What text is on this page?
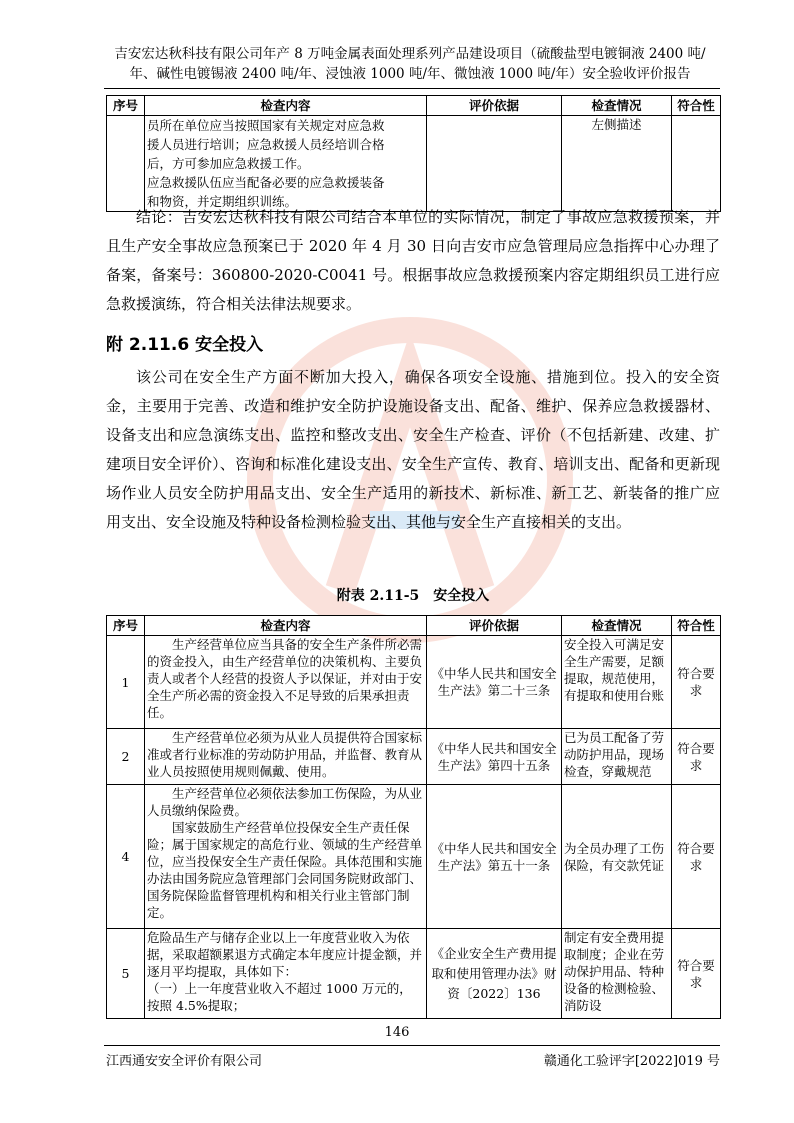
吉安宏达秋科技有限公司年产 8 万吨金属表面处理系列产品建设项目（硫酸盐型电镀铜液 2400 吨/
年、碱性电镀锡液 2400 吨/年、浸蚀液 1000 吨/年、微蚀液 1000 吨/年）安全验收评价报告
序号	检查内容	评价依据	检查情况	符合性

	员所在单位应当按照国家有关规定对应急救
援人员进行培训；应急救援人员经培训合格
后，方可参加应急救援工作。
应急救援队伍应当配备必要的应急救援装备
和物资，并定期组织训练。		左侧描述	
结论：吉安宏达秋科技有限公司结合本单位的实际情况，制定了事故应急救援预案，并且生产安全事故应急预案已于 2020 年 4 月 30 日向吉安市应急管理局应急指挥中心办理了备案，备案号：360800-2020-C0041 号。根据事故应急救援预案内容定期组织员工进行应急救援演练，符合相关法律法规要求。
附 2.11.6 安全投入
该公司在安全生产方面不断加大投入，确保各项安全设施、措施到位。投入的安全资金，主要用于完善、改造和维护安全防护设施设备支出、配备、维护、保养应急救援器材、设备支出和应急演练支出、监控和整改支出、安全生产检查、评价（不包括新建、改建、扩建项目安全评价）、咨询和标准化建设支出、安全生产宣传、教育、培训支出、配备和更新现场作业人员安全防护用品支出、安全生产适用的新技术、新标准、新工艺、新装备的推广应用支出、安全设施及特种设备检测检验支出、其他与安全生产直接相关的支出。
附表 2.11-5　安全投入
序号	检查内容	评价依据	检查情况	符合性
1	生产经营单位应当具备的安全生产条件所必需的资金投入，由生产经营单位的决策机构、主要负责人或者个人经营的投资人予以保证，并对由于安全生产所必需的资金投入不足导致的后果承担责任。	《中华人民共和国安全生产法》第二十三条	安全投入可满足安全生产需要，足额提取，规范使用，有提取和使用台账	符合要求
2	生产经营单位必须为从业人员提供符合国家标准或者行业标准的劳动防护用品，并监督、教育从业人员按照使用规则佩戴、使用。	《中华人民共和国安全生产法》第四十五条	已为员工配备了劳动防护用品，现场检查，穿戴规范	符合要求
4	生产经营单位必须依法参加工伤保险，为从业人员缴纳保险费。
国家鼓励生产经营单位投保安全生产责任保险；属于国家规定的高危行业、领域的生产经营单位，应当投保安全生产责任保险。具体范围和实施办法由国务院应急管理部门会同国务院财政部门、国务院保险监督管理机构和相关行业主管部门制定。	《中华人民共和国安全生产法》第五十一条	为全员办理了工伤保险，有交款凭证	符合要求
5	危险品生产与储存企业以上一年度营业收入为依据，采取超额累退方式确定本年度应计提金额，并逐月平均提取，具体如下：
（一）上一年度营业收入不超过 1000 万元的，按照 4.5%提取；	《企业安全生产费用提取和使用管理办法》财资〔2022〕136	制定有安全费用提取制度；企业在劳动保护用品、特种设备的检测检验、消防设	符合要求
146
江西通安安全评价有限公司	赣通化工验评字[2022]019 号
